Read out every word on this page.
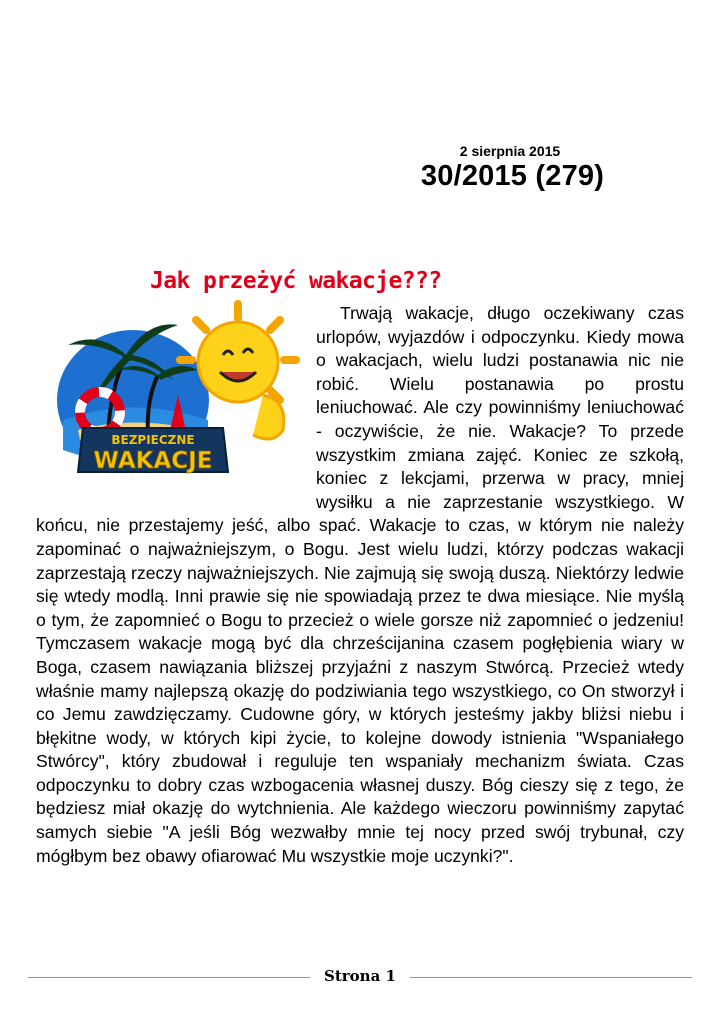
2 sierpnia 2015
30/2015 (279)
Jak przeżyć wakacje???
BEZPIECZNE
WAKACJE

Trwają wakacje, długo oczekiwany czas urlopów, wyjazdów i odpoczynku. Kiedy mowa o wakacjach, wielu ludzi postanawia nic nie robić. Wielu postanawia po prostu leniuchować. Ale czy powinniśmy leniuchować - oczywiście, że nie. Wakacje? To przede wszystkim zmiana zajęć. Koniec ze szkołą, koniec z lekcjami, przerwa w pracy, mniej wysiłku a nie zaprzestanie wszystkiego. W końcu, nie przestajemy jeść, albo spać. Wakacje to czas, w którym nie należy zapominać o najważniejszym, o Bogu. Jest wielu ludzi, którzy podczas wakacji zaprzestają rzeczy najważniejszych. Nie zajmują się swoją duszą. Niektórzy ledwie się wtedy modlą. Inni prawie się nie spowiadają przez te dwa miesiące. Nie myślą o tym, że zapomnieć o Bogu to przecież o wiele gorsze niż zapomnieć o jedzeniu! Tymczasem wakacje mogą być dla chrześcijanina czasem pogłębienia wiary w Boga, czasem nawiązania bliższej przyjaźni z naszym Stwórcą. Przecież wtedy właśnie mamy najlepszą okazję do podziwiania tego wszystkiego, co On stworzył i co Jemu zawdzięczamy. Cudowne góry, w których jesteśmy jakby bliżsi niebu i błękitne wody, w których kipi życie, to kolejne dowody istnienia "Wspaniałego Stwórcy", który zbudował i reguluje ten wspaniały mechanizm świata. Czas odpoczynku to dobry czas wzbogacenia własnej duszy. Bóg cieszy się z tego, że będziesz miał okazję do wytchnienia. Ale każdego wieczoru powinniśmy zapytać samych siebie "A jeśli Bóg wezwałby mnie tej nocy przed swój trybunał, czy mógłbym bez obawy ofiarować Mu wszystkie moje uczynki?".

Strona 1
